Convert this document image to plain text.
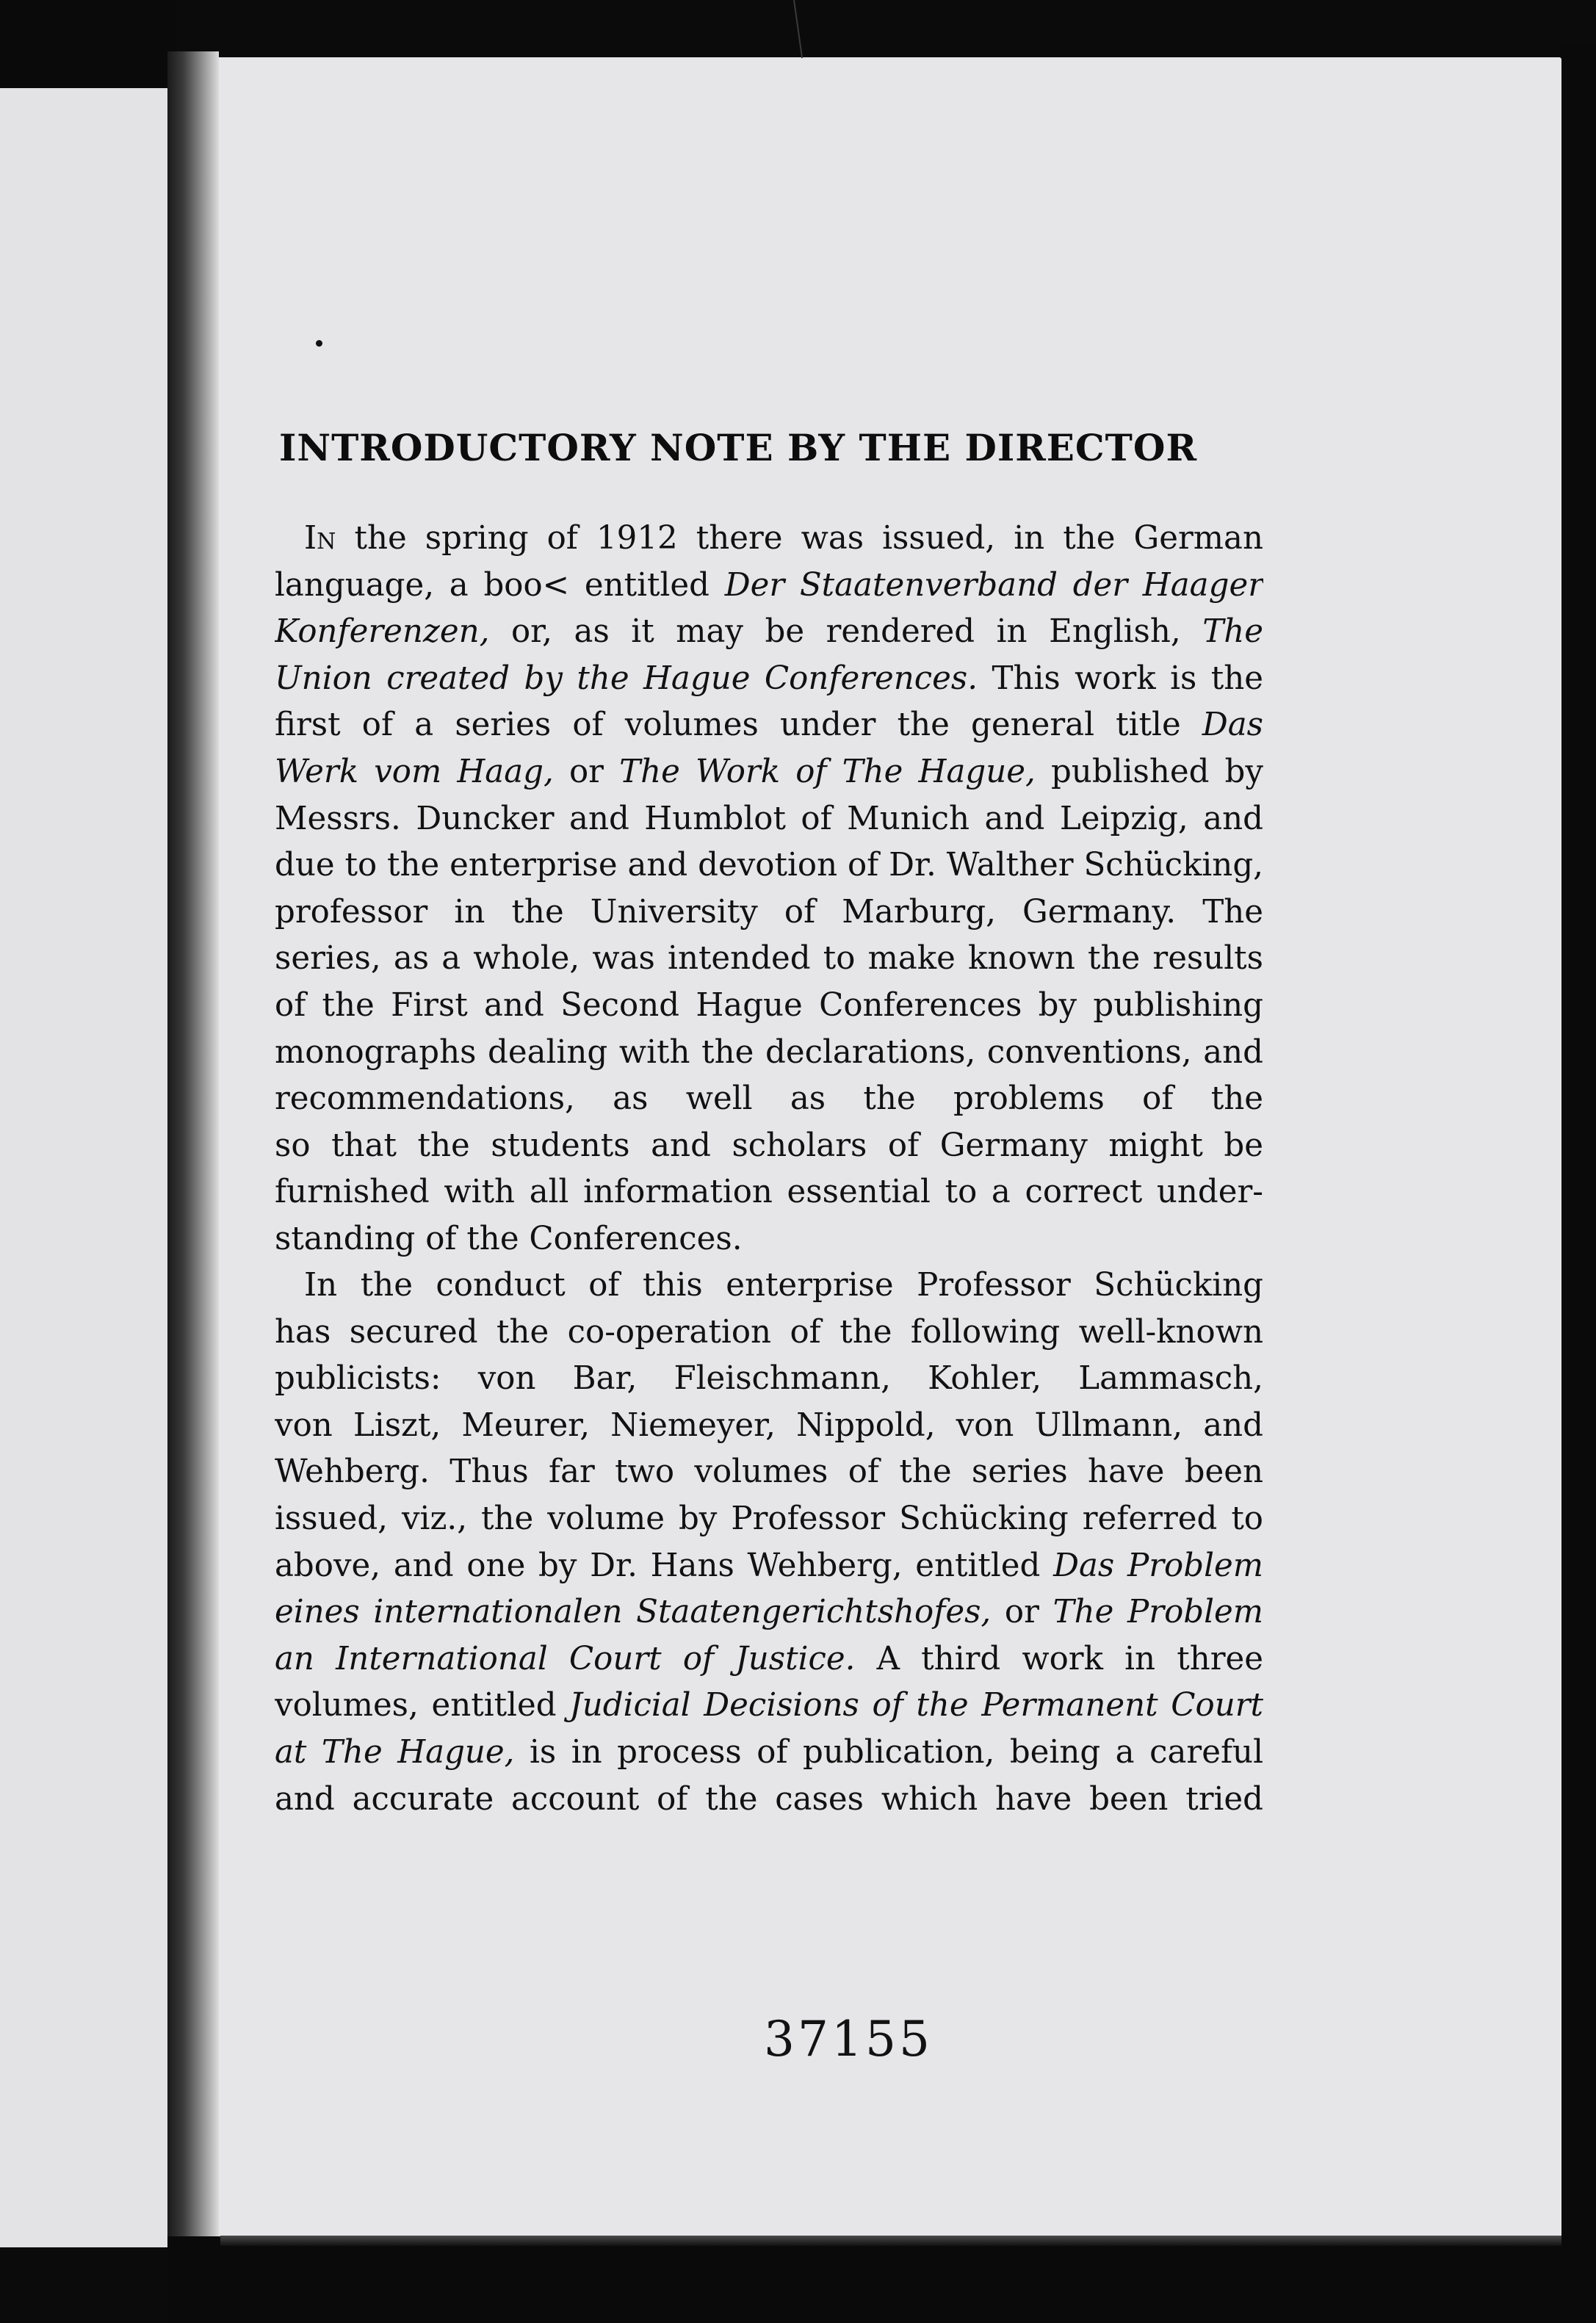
INTRODUCTORY NOTE BY THE DIRECTOR
In the spring of 1912 there was issued, in the German
language, a boo< entitled Der Staatenverband der Haager
Konferenzen, or, as it may be rendered in English, The
Union created by the Hague Conferences. This work is the
first of a series of volumes under the general title Das
Werk vom Haag, or The Work of The Hague, published by
Messrs. Duncker and Humblot of Munich and Leipzig, and
due to the enterprise and devotion of Dr. Walther Schücking,
professor in the University of Marburg, Germany. The
series, as a whole, was intended to make known the results
of the First and Second Hague Conferences by publishing
monographs dealing with the declarations, conventions, and
recommendations, as well as the problems of the
so that the students and scholars of Germany might be
furnished with all information essential to a correct under-
standing of the Conferences.
In the conduct of this enterprise Professor Schücking
has secured the co-operation of the following well-known
publicists: von Bar, Fleischmann, Kohler, Lammasch,
von Liszt, Meurer, Niemeyer, Nippold, von Ullmann, and
Wehberg. Thus far two volumes of the series have been
issued, viz., the volume by Professor Schücking referred to
above, and one by Dr. Hans Wehberg, entitled Das Problem
eines internationalen Staatengerichtshofes, or The Problem
an International Court of Justice. A third work in three
volumes, entitled Judicial Decisions of the Permanent Court
at The Hague, is in process of publication, being a careful
and accurate account of the cases which have been tried
37155
